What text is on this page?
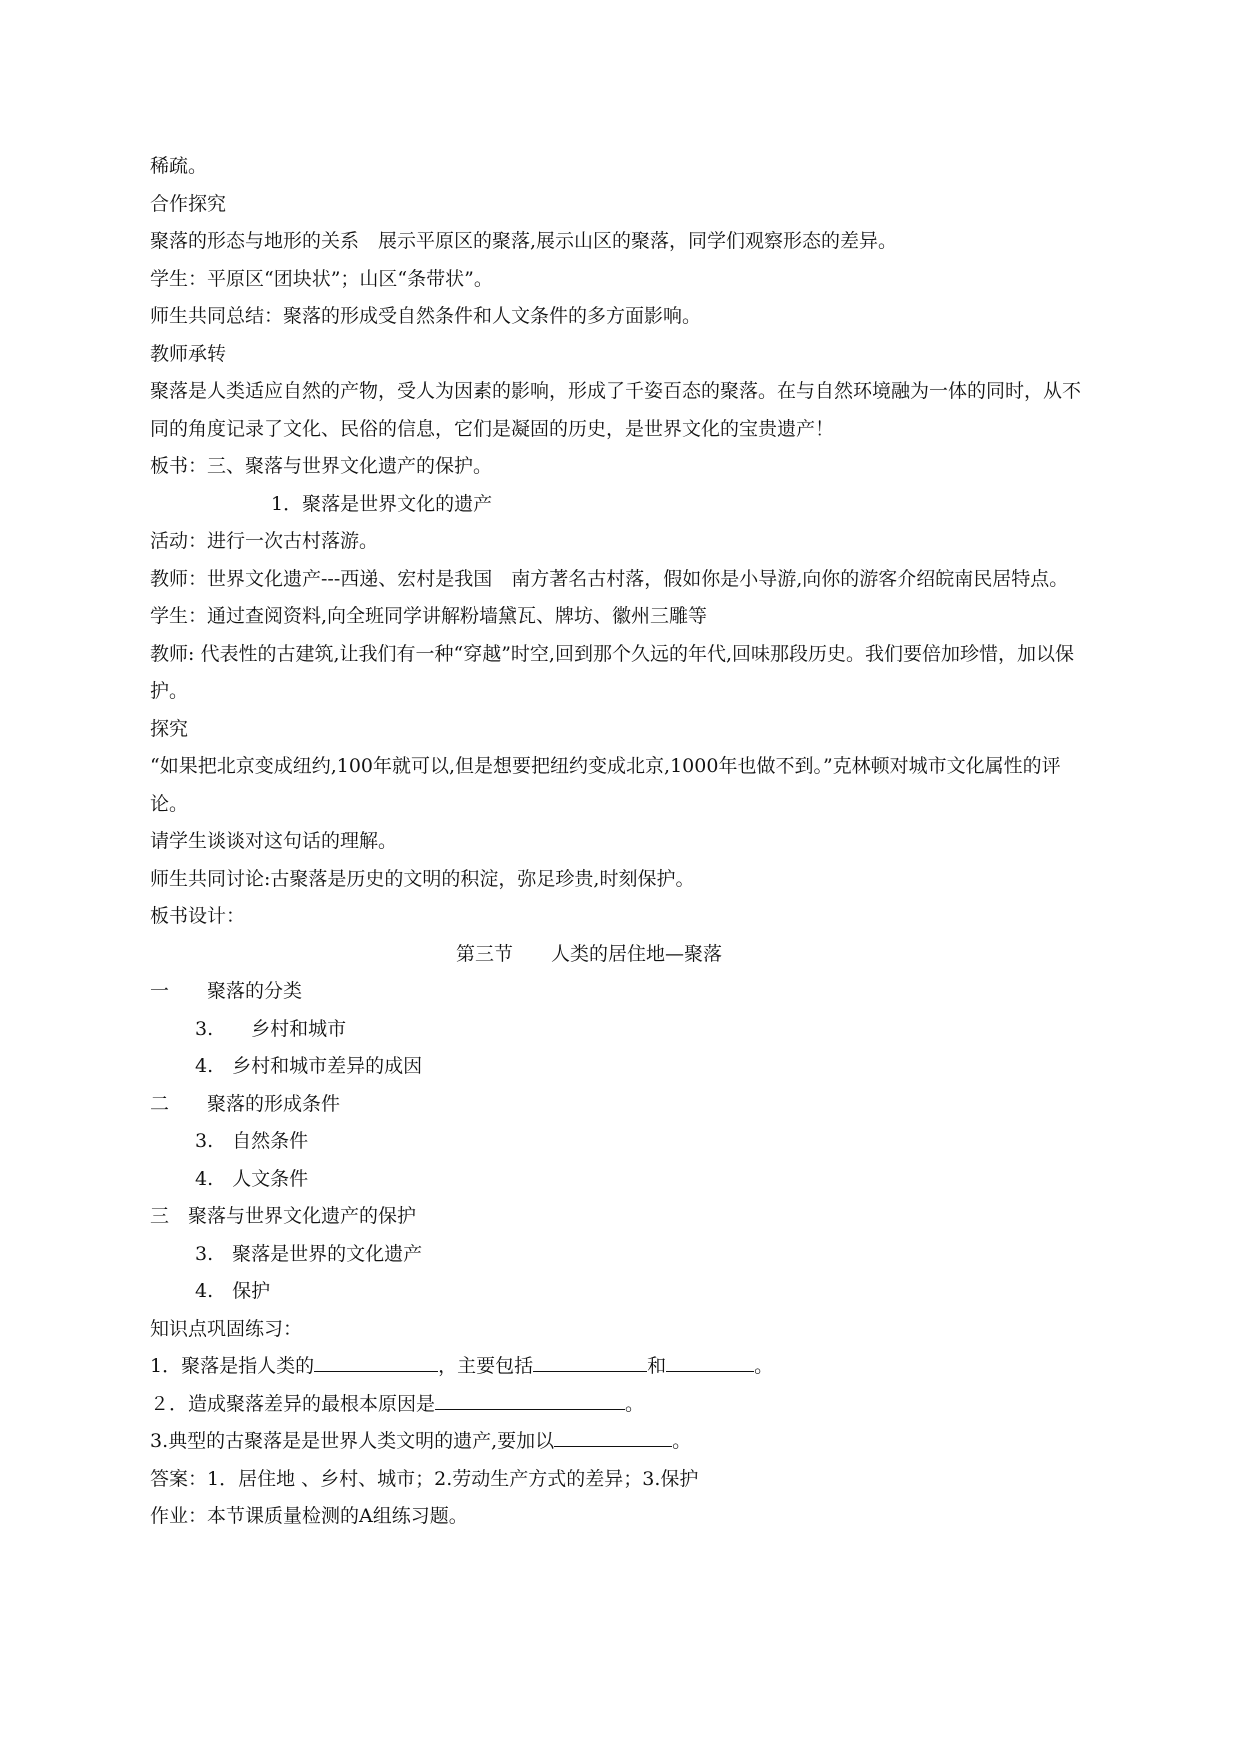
稀疏。
合作探究
聚落的形态与地形的关系　展示平原区的聚落,展示山区的聚落，同学们观察形态的差异。
学生：平原区“团块状”；山区“条带状”。
师生共同总结：聚落的形成受自然条件和人文条件的多方面影响。
教师承转
聚落是人类适应自然的产物，受人为因素的影响，形成了千姿百态的聚落。在与自然环境融为一体的同时，从不同的角度记录了文化、民俗的信息，它们是凝固的历史，是世界文化的宝贵遗产！
板书：三、聚落与世界文化遗产的保护。
1．聚落是世界文化的遗产
活动：进行一次古村落游。
教师：世界文化遗产---西递、宏村是我国　南方著名古村落，假如你是小导游,向你的游客介绍皖南民居特点。
学生：通过查阅资料,向全班同学讲解粉墙黛瓦、牌坊、徽州三雕等
教师: 代表性的古建筑,让我们有一种“穿越”时空,回到那个久远的年代,回味那段历史。我们要倍加珍惜，加以保护。
探究
“如果把北京变成纽约,100年就可以,但是想要把纽约变成北京,1000年也做不到。”克林顿对城市文化属性的评论。
请学生谈谈对这句话的理解。
师生共同讨论:古聚落是历史的文明的积淀，弥足珍贵,时刻保护。
板书设计：
第三节　　人类的居住地—聚落
一　　聚落的分类
3.　　乡村和城市
4.　乡村和城市差异的成因
二　　聚落的形成条件
3.　自然条件
4.　人文条件
三　聚落与世界文化遗产的保护
3.　聚落是世界的文化遗产
4.　保护
知识点巩固练习：
1．聚落是指人类的	，主要包括	和	。
２．造成聚落差异的最根本原因是	。
3.典型的古聚落是是世界人类文明的遗产,要加以	。
答案：1．居住地 、乡村、城市；2.劳动生产方式的差异；3.保护
作业：本节课质量检测的A组练习题。
